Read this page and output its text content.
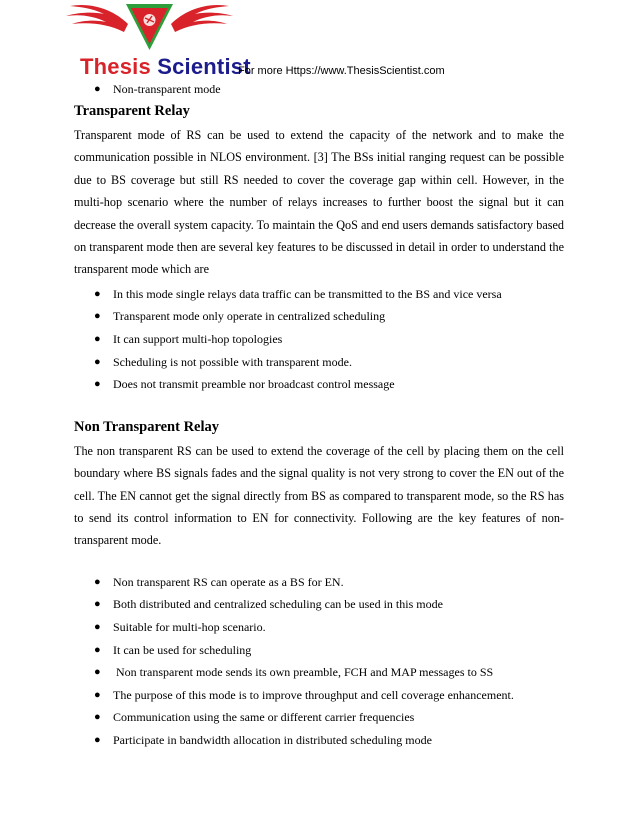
Thesis Scientist
For more Https://www.ThesisScientist.com
● Non-transparent mode
Transparent Relay

Transparent mode of RS can be used to extend the capacity of the network and to make the communication possible in NLOS environment. [3] The BSs initial ranging request can be possible due to BS coverage but still RS needed to cover the coverage gap within cell. However, in the multi-hop scenario where the number of relays increases to further boost the signal but it can decrease the overall system capacity. To maintain the QoS and end users demands satisfactory based on transparent mode then are several key features to be discussed in detail in order to understand the transparent mode which are

● In this mode single relays data traffic can be transmitted to the BS and vice versa
● Transparent mode only operate in centralized scheduling
● It can support multi-hop topologies
● Scheduling is not possible with transparent mode.
● Does not transmit preamble nor broadcast control message
Non Transparent Relay

The non transparent RS can be used to extend the coverage of the cell by placing them on the cell boundary where BS signals fades and the signal quality is not very strong to cover the EN out of the cell. The EN cannot get the signal directly from BS as compared to transparent mode, so the RS has to send its control information to EN for connectivity. Following are the key features of non-transparent mode.

● Non transparent RS can operate as a BS for EN.
● Both distributed and centralized scheduling can be used in this mode
● Suitable for multi-hop scenario.
● It can be used for scheduling
● Non transparent mode sends its own preamble, FCH and MAP messages to SS
● The purpose of this mode is to improve throughput and cell coverage enhancement.
● Communication using the same or different carrier frequencies
● Participate in bandwidth allocation in distributed scheduling mode
